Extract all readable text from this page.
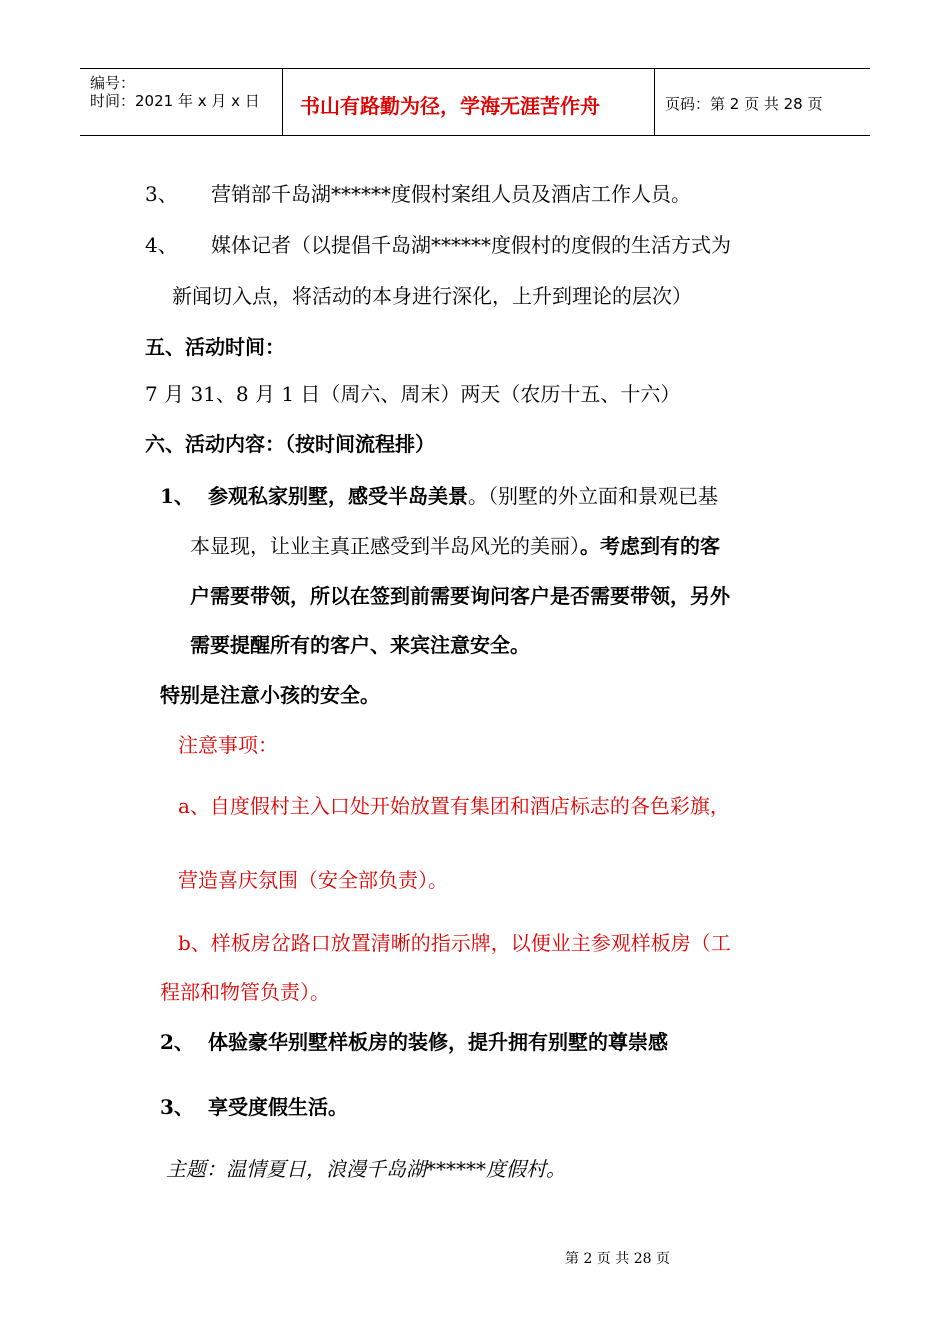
编号：
时间：2021 年 x 月 x 日 书山有路勤为径，学海无涯苦作舟	页码：第 2 页 共 28 页
3、 营销部千岛湖******度假村案组人员及酒店工作人员。
4、 媒体记者（以提倡千岛湖******度假村的度假的生活方式为
新闻切入点，将活动的本身进行深化，上升到理论的层次）
五、活动时间：
7 月 31、8 月 1 日（周六、周末）两天（农历十五、十六）
六、活动内容：（按时间流程排）
1、 参观私家别墅，感受半岛美景。（别墅的外立面和景观已基
本显现，让业主真正感受到半岛风光的美丽）。考虑到有的客
户需要带领，所以在签到前需要询问客户是否需要带领，另外
需要提醒所有的客户、来宾注意安全。
特别是注意小孩的安全。
注意事项：
a、自度假村主入口处开始放置有集团和酒店标志的各色彩旗，
营造喜庆氛围（安全部负责）。
b、样板房岔路口放置清晰的指示牌，以便业主参观样板房（工
程部和物管负责）。
2、 体验豪华别墅样板房的装修，提升拥有别墅的尊崇感
3、 享受度假生活。
主题：温情夏日，浪漫千岛湖******度假村。
第 2 页 共 28 页
